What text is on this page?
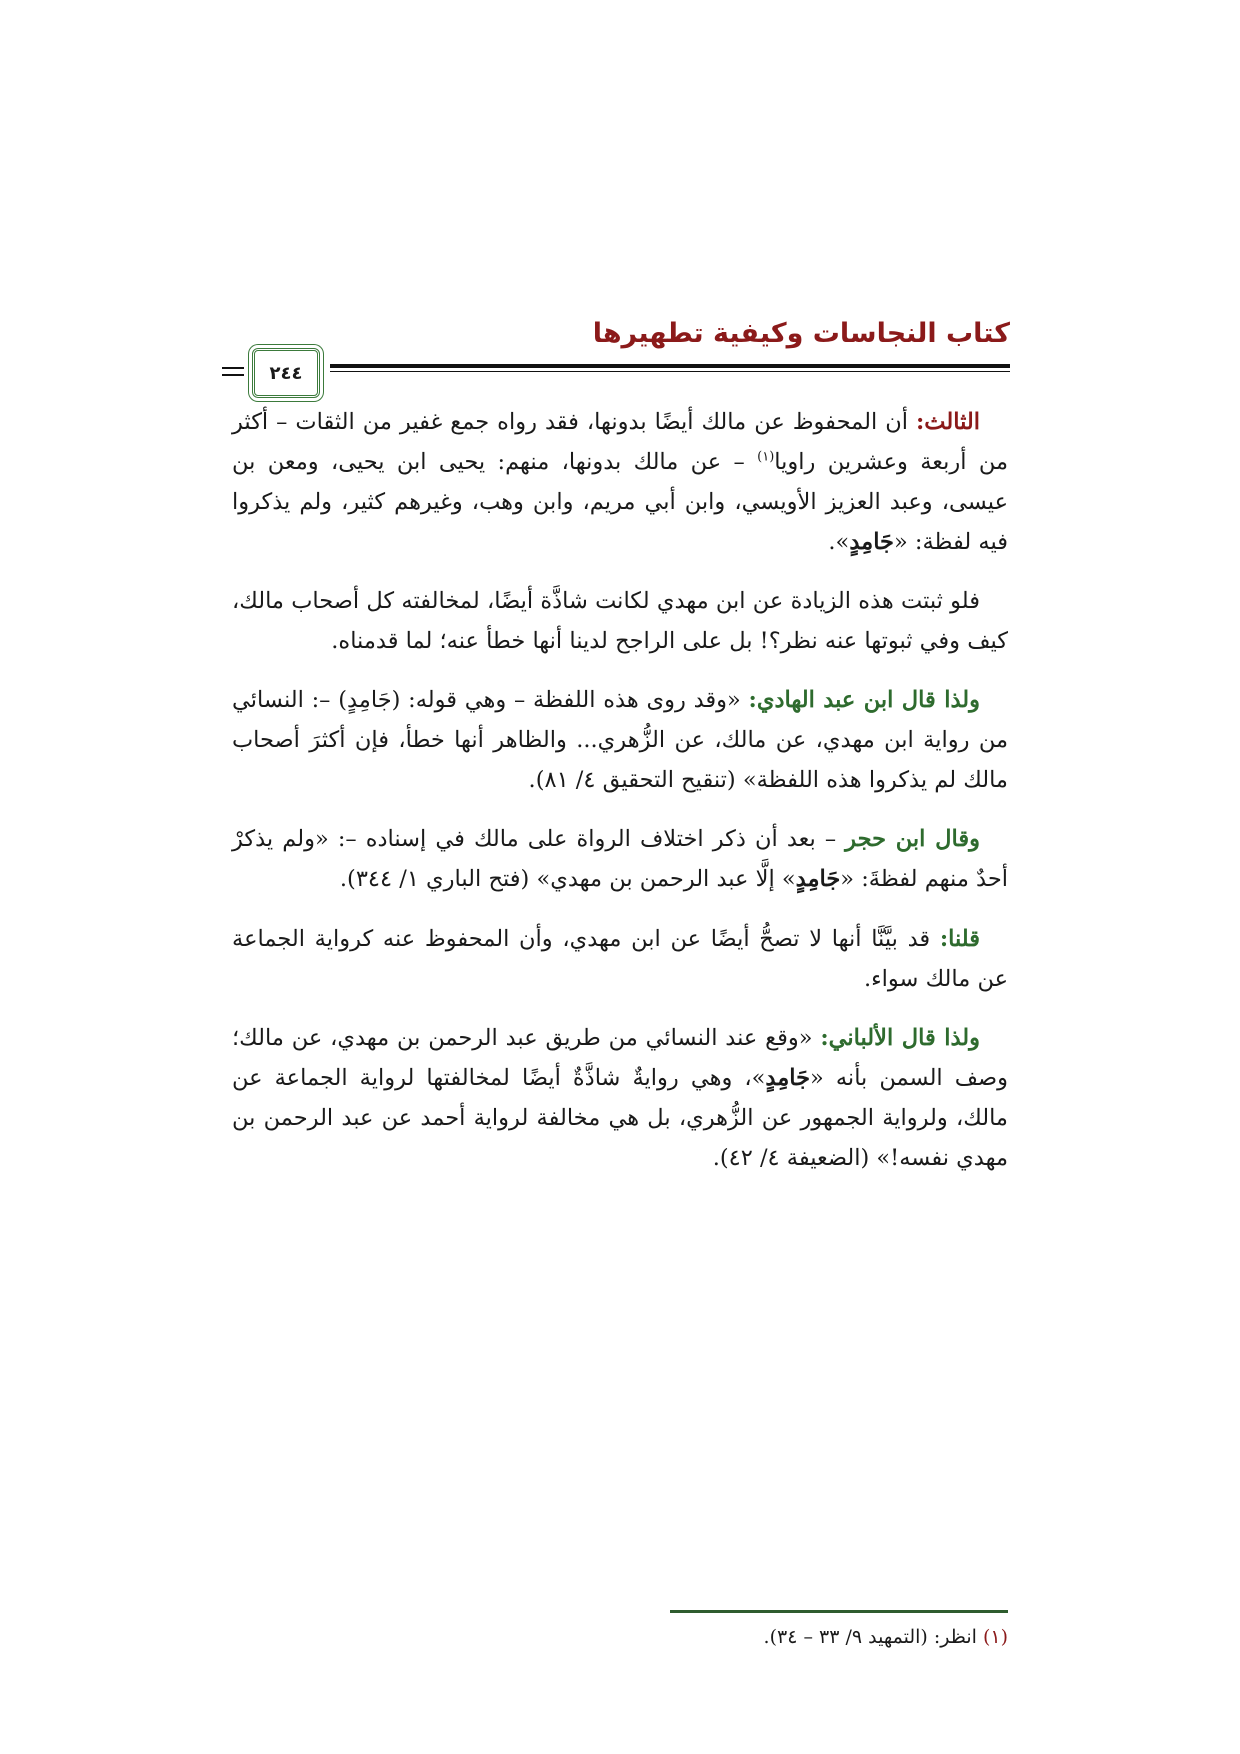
كتاب النجاسات وكيفية تطهيرها
٢٤٤

الثالث: أن المحفوظ عن مالك أيضًا بدونها، فقد رواه جمع غفير من الثقات – أكثر من أربعة وعشرين راويا$^{(١)}$ – عن مالك بدونها، منهم: يحيى ابن يحيى، ومعن بن عيسى، وعبد العزيز الأويسي، وابن أبي مريم، وابن وهب، وغيرهم كثير، ولم يذكروا فيه لفظة: «جَامِدٍ».

فلو ثبتت هذه الزيادة عن ابن مهدي لكانت شاذَّة أيضًا، لمخالفته كل أصحاب مالك، كيف وفي ثبوتها عنه نظر؟! بل على الراجح لدينا أنها خطأ عنه؛ لما قدمناه.

ولذا قال ابن عبد الهادي: «وقد روى هذه اللفظة – وهي قوله: (جَامِدٍ) –: النسائي من رواية ابن مهدي، عن مالك، عن الزُّهري... والظاهر أنها خطأ، فإن أكثرَ أصحاب مالك لم يذكروا هذه اللفظة» (تنقيح التحقيق ٤/ ٨١).

وقال ابن حجر – بعد أن ذكر اختلاف الرواة على مالك في إسناده –: «ولم يذكرْ أحدٌ منهم لفظةَ: «جَامِدٍ» إلَّا عبد الرحمن بن مهدي» (فتح الباري ١/ ٣٤٤).

قلنا: قد بيَّنَّا أنها لا تصحُّ أيضًا عن ابن مهدي، وأن المحفوظ عنه كرواية الجماعة عن مالك سواء.

ولذا قال الألباني: «وقع عند النسائي من طريق عبد الرحمن بن مهدي، عن مالك؛ وصف السمن بأنه «جَامِدٍ»، وهي روايةٌ شاذَّةٌ أيضًا لمخالفتها لرواية الجماعة عن مالك، ولرواية الجمهور عن الزُّهري، بل هي مخالفة لرواية أحمد عن عبد الرحمن بن مهدي نفسه!» (الضعيفة ٤/ ٤٢).

(١) انظر: (التمهيد ٩/ ٣٣ – ٣٤).
